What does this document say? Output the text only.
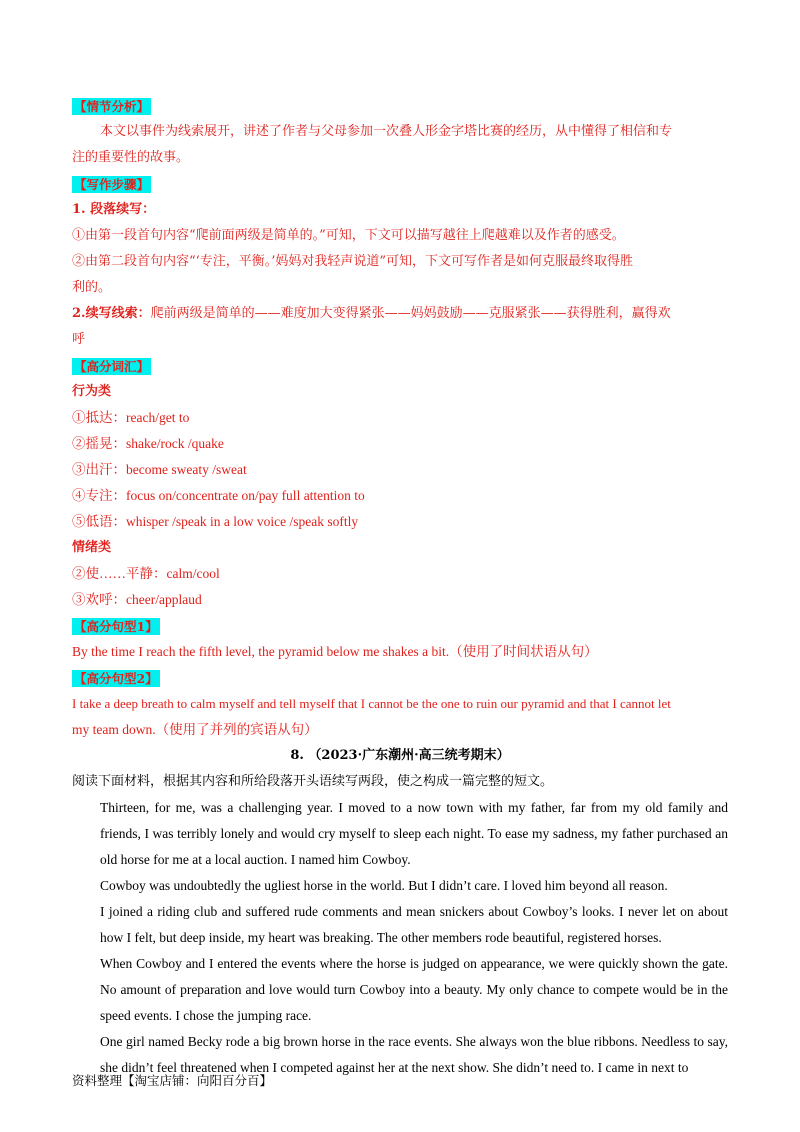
【情节分析】
本文以事件为线索展开，讲述了作者与父母参加一次叠人形金字塔比赛的经历，从中懂得了相信和专
注的重要性的故事。
【写作步骤】
1. 段落续写：
①由第一段首句内容“爬前面两级是简单的。”可知，下文可以描写越往上爬越难以及作者的感受。
②由第二段首句内容“‘专注，平衡。’妈妈对我轻声说道”可知，下文可写作者是如何克服最终取得胜
利的。
2.续写线索：爬前两级是简单的——难度加大变得紧张——妈妈鼓励——克服紧张——获得胜利，赢得欢
呼
【高分词汇】
行为类
①抵达：reach/get to
②摇晃：shake/rock /quake
③出汗：become sweaty /sweat
④专注：focus on/concentrate on/pay full attention to
⑤低语：whisper /speak in a low voice /speak softly
情绪类
②使……平静：calm/cool
③欢呼：cheer/applaud
【高分句型1】
By the time I reach the fifth level, the pyramid below me shakes a bit.（使用了时间状语从句）
【高分句型2】
I take a deep breath to calm myself and tell myself that I cannot be the one to ruin our pyramid and that I cannot let
my team down.（使用了并列的宾语从句）
8. （2023·广东潮州·高三统考期末）
阅读下面材料，根据其内容和所给段落开头语续写两段，使之构成一篇完整的短文。
Thirteen, for me, was a challenging year. I moved to a now town with my father, far from my old family and friends, I was terribly lonely and would cry myself to sleep each night. To ease my sadness, my father purchased an old horse for me at a local auction. I named him Cowboy.
Cowboy was undoubtedly the ugliest horse in the world. But I didn’t care. I loved him beyond all reason.
I joined a riding club and suffered rude comments and mean snickers about Cowboy’s looks. I never let on about how I felt, but deep inside, my heart was breaking. The other members rode beautiful, registered horses.
When Cowboy and I entered the events where the horse is judged on appearance, we were quickly shown the gate. No amount of preparation and love would turn Cowboy into a beauty. My only chance to compete would be in the speed events. I chose the jumping race.
One girl named Becky rode a big brown horse in the race events. She always won the blue ribbons. Needless to say, she didn’t feel threatened when I competed against her at the next show. She didn’t need to. I came in next to
资料整理【淘宝店铺：向阳百分百】
